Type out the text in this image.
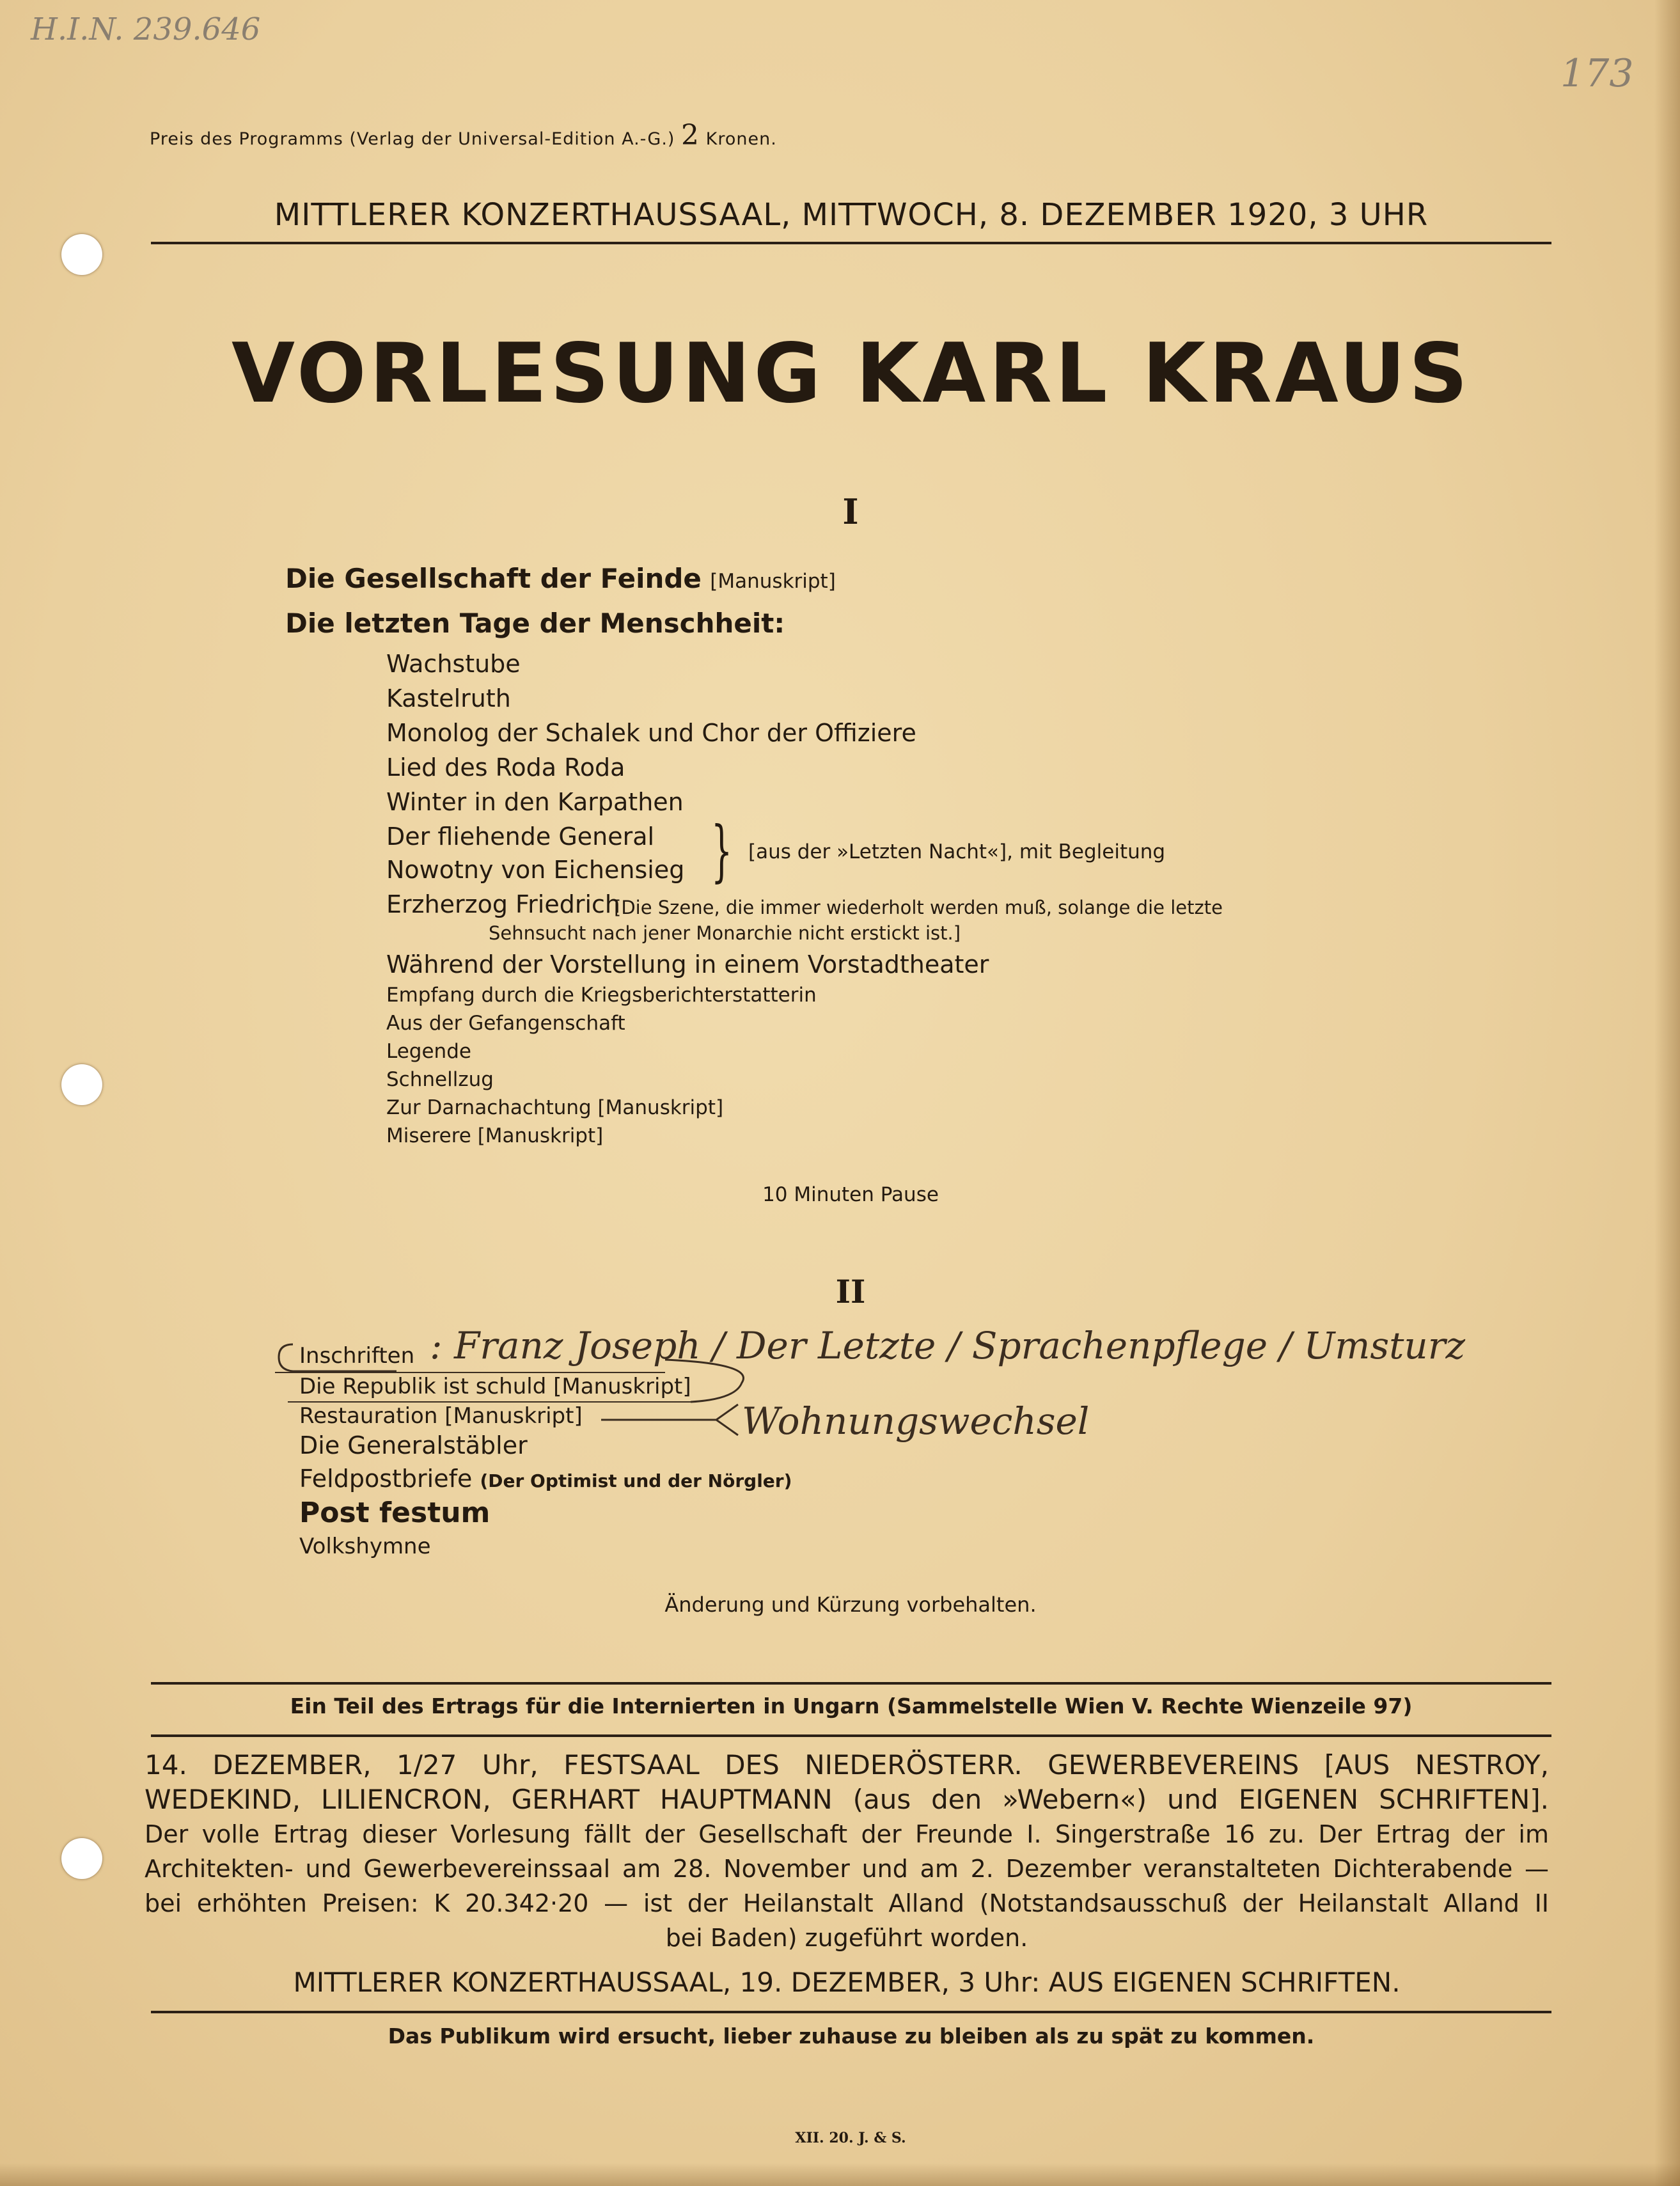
H.I.N. 239.646
173
Preis des Programms (Verlag der Universal-Edition A.-G.) 2 Kronen.
MITTLERER KONZERTHAUSSAAL, MITTWOCH, 8. DEZEMBER 1920, 3 UHR
VORLESUNG KARL KRAUS
I
Die Gesellschaft der Feinde [Manuskript]
Die letzten Tage der Menschheit:
Wachstube
Kastelruth
Monolog der Schalek und Chor der Offiziere
Lied des Roda Roda
Winter in den Karpathen
Der fliehende General
Nowotny von Eichensieg } [aus der »Letzten Nacht«], mit Begleitung
Erzherzog Friedrich
[Die Szene, die immer wiederholt werden muß, solange die letzte
Sehnsucht nach jener Monarchie nicht erstickt ist.]
Während der Vorstellung in einem Vorstadtheater
Empfang durch die Kriegsberichterstatterin
Aus der Gefangenschaft
Legende
Schnellzug
Zur Darnachachtung [Manuskript]
Miserere [Manuskript]
10 Minuten Pause
II
Inschriften : Franz Joseph / Der Letzte / Sprachenpflege / Umsturz
Die Republik ist schuld [Manuskript]
Restauration [Manuskript]	Wohnungswechsel
Die Generalstäbler
Feldpostbriefe (Der Optimist und der Nörgler)
Post festum
Volkshymne
Änderung und Kürzung vorbehalten.
Ein Teil des Ertrags für die Internierten in Ungarn (Sammelstelle Wien V. Rechte Wienzeile 97)
14. DEZEMBER, 1/27 Uhr, FESTSAAL DES NIEDERÖSTERR. GEWERBEVEREINS [AUS NESTROY,
WEDEKIND, LILIENCRON, GERHART HAUPTMANN (aus den »Webern«) und EIGENEN SCHRIFTEN].
Der volle Ertrag dieser Vorlesung fällt der Gesellschaft der Freunde I. Singerstraße 16 zu. Der Ertrag der im
Architekten- und Gewerbevereinssaal am 28. November und am 2. Dezember veranstalteten Dichterabende —
bei erhöhten Preisen: K 20.342·20 — ist der Heilanstalt Alland (Notstandsausschuß der Heilanstalt Alland II
bei Baden) zugeführt worden.
MITTLERER KONZERTHAUSSAAL, 19. DEZEMBER, 3 Uhr: AUS EIGENEN SCHRIFTEN.
Das Publikum wird ersucht, lieber zuhause zu bleiben als zu spät zu kommen.
XII. 20. J. & S.
